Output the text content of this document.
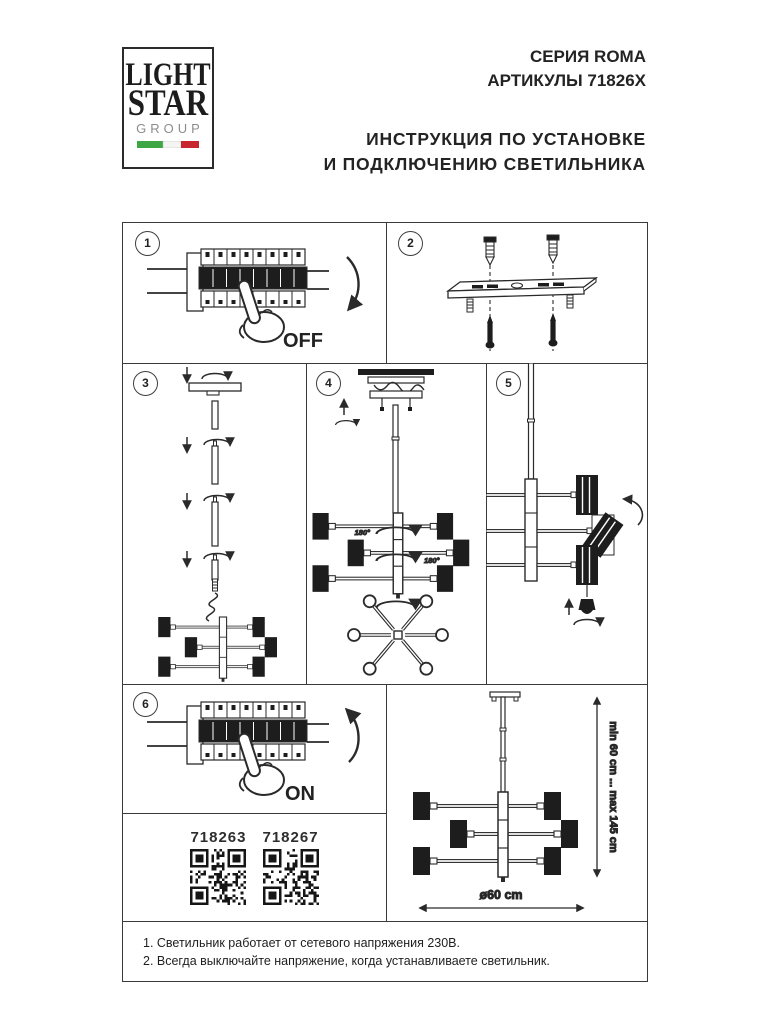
LIGHT
STAR
GROUP
СЕРИЯ ROMA
АРТИКУЛЫ 71826X
ИНСТРУКЦИЯ ПО УСТАНОВКЕ
И ПОДКЛЮЧЕНИЮ СВЕТИЛЬНИКА
1	2
3	4	5
6
OFF
180°
180°
ON
718263 718267	min 60 cm ... max 145 cm
ø60 cm
1. Светильник работает от сетевого напряжения 230В.
2. Всегда выключайте напряжение, когда устанавливаете светильник.
